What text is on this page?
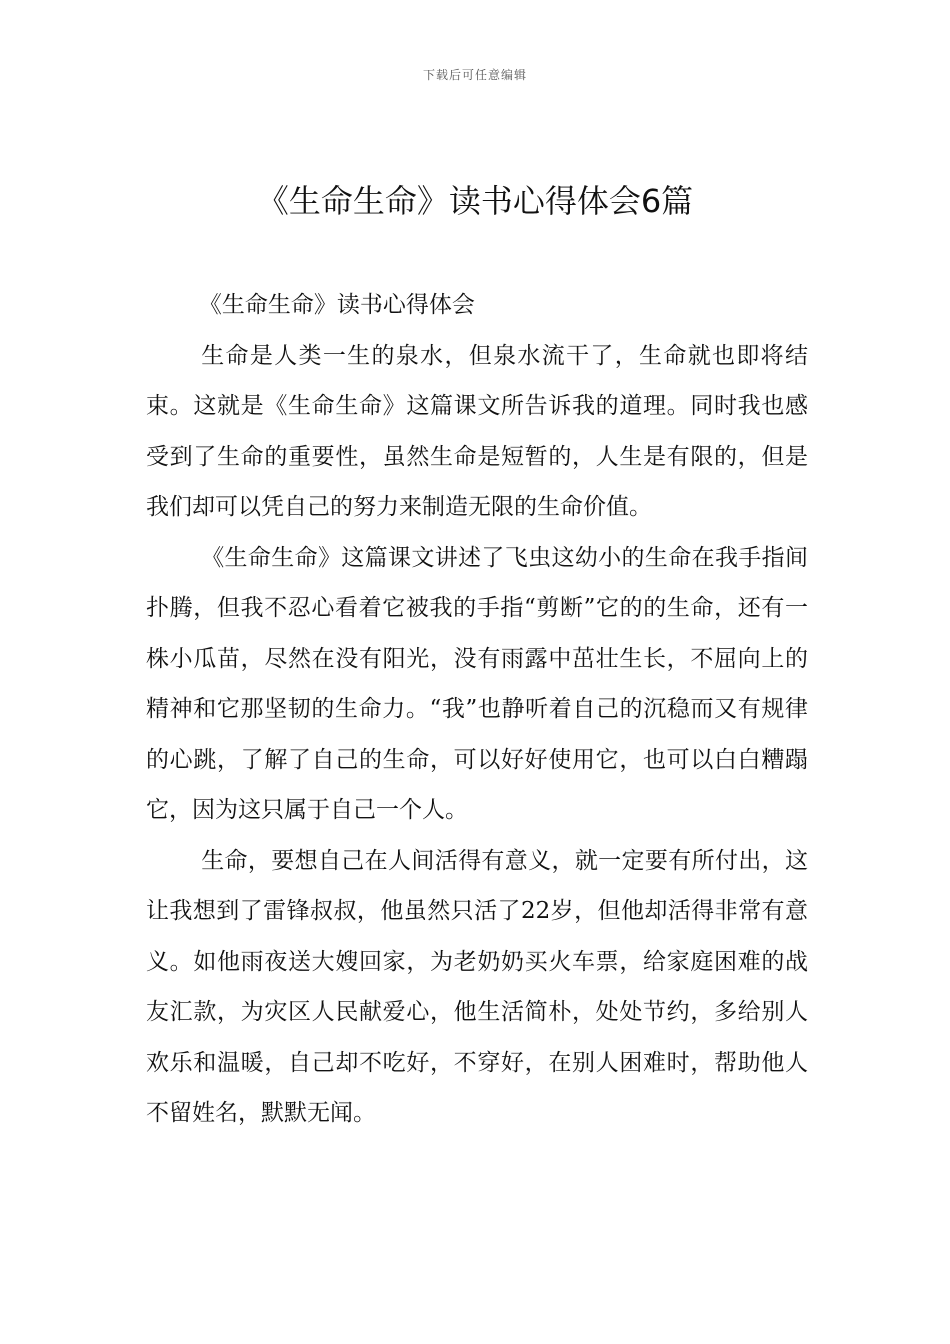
下载后可任意编辑
《生命生命》读书心得体会6篇

《生命生命》读书心得体会

生命是人类一生的泉水，但泉水流干了，生命就也即将结束。这就是《生命生命》这篇课文所告诉我的道理。同时我也感受到了生命的重要性，虽然生命是短暂的，人生是有限的，但是我们却可以凭自己的努力来制造无限的生命价值。

《生命生命》这篇课文讲述了飞虫这幼小的生命在我手指间扑腾，但我不忍心看着它被我的手指“剪断”它的的生命，还有一株小瓜苗，尽然在没有阳光，没有雨露中茁壮生长，不屈向上的精神和它那坚韧的生命力。“我”也静听着自己的沉稳而又有规律的心跳，了解了自己的生命，可以好好使用它，也可以白白糟蹋它，因为这只属于自己一个人。

生命，要想自己在人间活得有意义，就一定要有所付出，这让我想到了雷锋叔叔，他虽然只活了22岁，但他却活得非常有意义。如他雨夜送大嫂回家，为老奶奶买火车票，给家庭困难的战友汇款，为灾区人民献爱心，他生活简朴，处处节约，多给别人欢乐和温暖，自己却不吃好，不穿好，在别人困难时，帮助他人不留姓名，默默无闻。
